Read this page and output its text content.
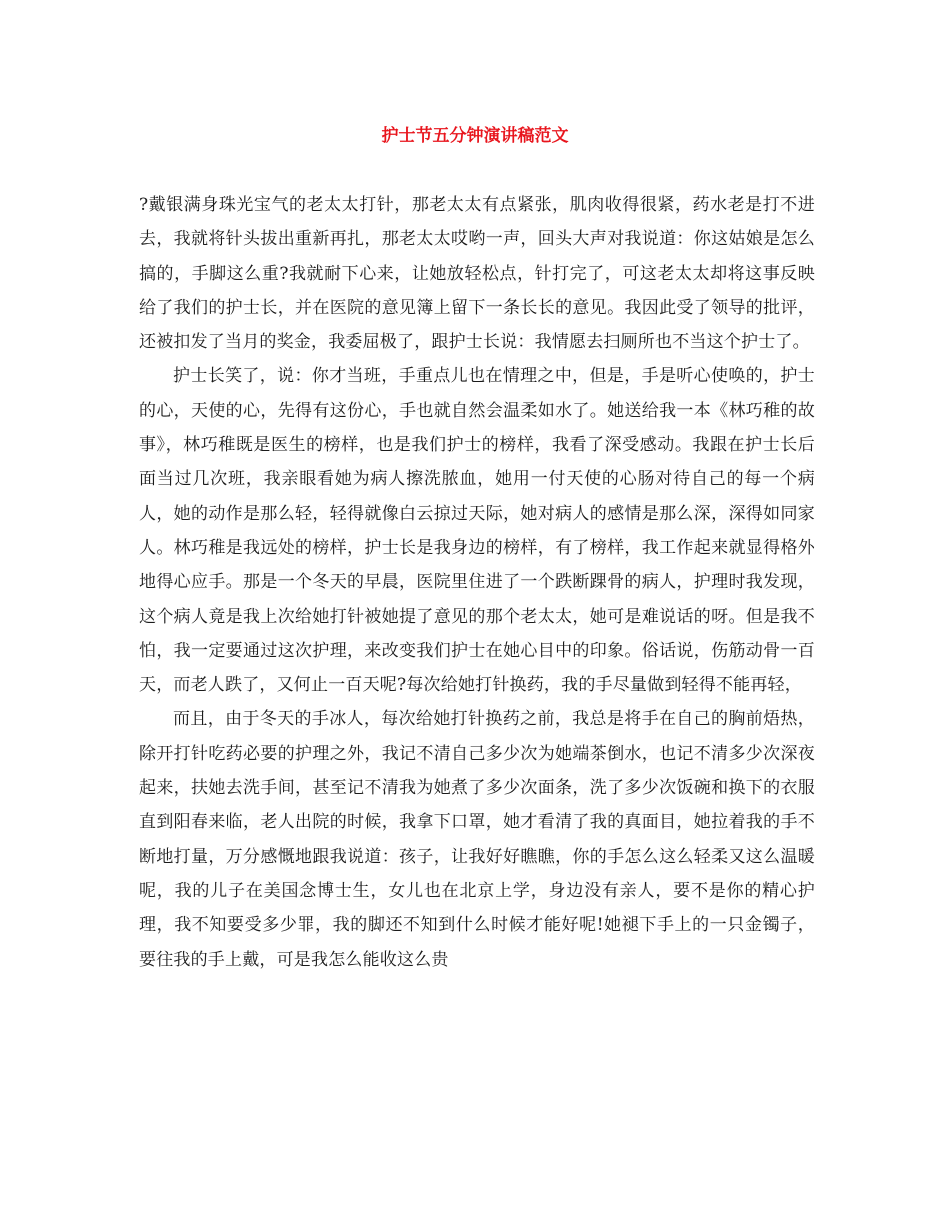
护士节五分钟演讲稿范文

?戴银满身珠光宝气的老太太打针，那老太太有点紧张，肌肉收得很紧，药水老是打不进去，我就将针头拔出重新再扎，那老太太哎哟一声，回头大声对我说道：你这姑娘是怎么搞的，手脚这么重?我就耐下心来，让她放轻松点，针打完了，可这老太太却将这事反映给了我们的护士长，并在医院的意见簿上留下一条长长的意见。我因此受了领导的批评，还被扣发了当月的奖金，我委屈极了，跟护士长说：我情愿去扫厕所也不当这个护士了。

护士长笑了，说：你才当班，手重点儿也在情理之中，但是，手是听心使唤的，护士的心，天使的心，先得有这份心，手也就自然会温柔如水了。她送给我一本《林巧稚的故事》，林巧稚既是医生的榜样，也是我们护士的榜样，我看了深受感动。我跟在护士长后面当过几次班，我亲眼看她为病人擦洗脓血，她用一付天使的心肠对待自己的每一个病人，她的动作是那么轻，轻得就像白云掠过天际，她对病人的感情是那么深，深得如同家人。林巧稚是我远处的榜样，护士长是我身边的榜样，有了榜样，我工作起来就显得格外地得心应手。那是一个冬天的早晨，医院里住进了一个跌断踝骨的病人，护理时我发现，这个病人竟是我上次给她打针被她提了意见的那个老太太，她可是难说话的呀。但是我不怕，我一定要通过这次护理，来改变我们护士在她心目中的印象。俗话说，伤筋动骨一百天，而老人跌了，又何止一百天呢?每次给她打针换药，我的手尽量做到轻得不能再轻，

而且，由于冬天的手冰人，每次给她打针换药之前，我总是将手在自己的胸前焐热，除开打针吃药必要的护理之外，我记不清自己多少次为她端茶倒水，也记不清多少次深夜起来，扶她去洗手间，甚至记不清我为她煮了多少次面条，洗了多少次饭碗和换下的衣服直到阳春来临，老人出院的时候，我拿下口罩，她才看清了我的真面目，她拉着我的手不断地打量，万分感慨地跟我说道：孩子，让我好好瞧瞧，你的手怎么这么轻柔又这么温暖呢，我的儿子在美国念博士生，女儿也在北京上学，身边没有亲人，要不是你的精心护理，我不知要受多少罪，我的脚还不知到什么时候才能好呢!她褪下手上的一只金镯子，要往我的手上戴，可是我怎么能收这么贵
